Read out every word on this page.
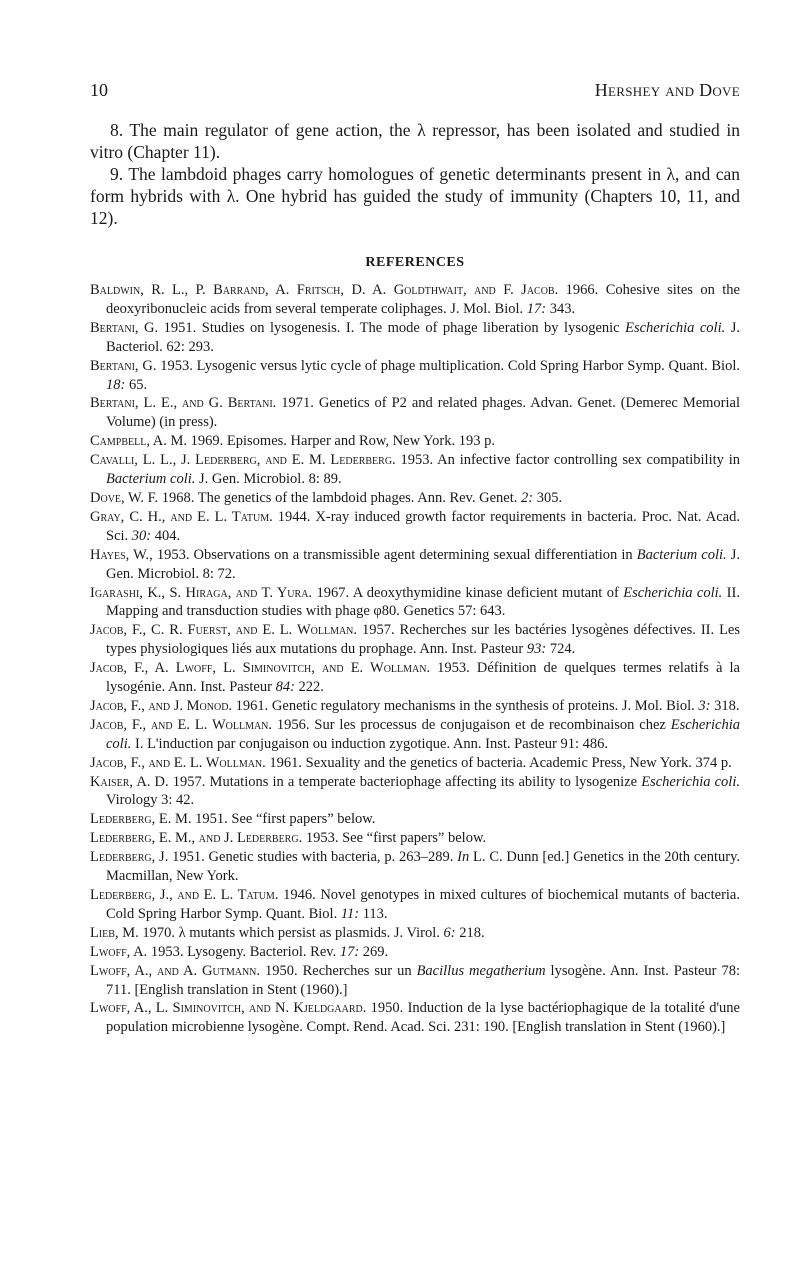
10	Hershey and Dove

8. The main regulator of gene action, the λ repressor, has been isolated and studied in vitro (Chapter 11).

9. The lambdoid phages carry homologues of genetic determinants present in λ, and can form hybrids with λ. One hybrid has guided the study of immunity (Chapters 10, 11, and 12).

REFERENCES

Baldwin, R. L., P. Barrand, A. Fritsch, D. A. Goldthwait, and F. Jacob. 1966. Cohesive sites on the deoxyribonucleic acids from several temperate coliphages. J. Mol. Biol. 17: 343.

Bertani, G. 1951. Studies on lysogenesis. I. The mode of phage liberation by lysogenic Escherichia coli. J. Bacteriol. 62: 293.

Bertani, G. 1953. Lysogenic versus lytic cycle of phage multiplication. Cold Spring Harbor Symp. Quant. Biol. 18: 65.

Bertani, L. E., and G. Bertani. 1971. Genetics of P2 and related phages. Advan. Genet. (Demerec Memorial Volume) (in press).

Campbell, A. M. 1969. Episomes. Harper and Row, New York. 193 p.

Cavalli, L. L., J. Lederberg, and E. M. Lederberg. 1953. An infective factor controlling sex compatibility in Bacterium coli. J. Gen. Microbiol. 8: 89.

Dove, W. F. 1968. The genetics of the lambdoid phages. Ann. Rev. Genet. 2: 305.

Gray, C. H., and E. L. Tatum. 1944. X-ray induced growth factor requirements in bacteria. Proc. Nat. Acad. Sci. 30: 404.

Hayes, W., 1953. Observations on a transmissible agent determining sexual differentiation in Bacterium coli. J. Gen. Microbiol. 8: 72.

Igarashi, K., S. Hiraga, and T. Yura. 1967. A deoxythymidine kinase deficient mutant of Escherichia coli. II. Mapping and transduction studies with phage φ80. Genetics 57: 643.

Jacob, F., C. R. Fuerst, and E. L. Wollman. 1957. Recherches sur les bactéries lysogènes défectives. II. Les types physiologiques liés aux mutations du prophage. Ann. Inst. Pasteur 93: 724.

Jacob, F., A. Lwoff, L. Siminovitch, and E. Wollman. 1953. Définition de quelques termes relatifs à la lysogénie. Ann. Inst. Pasteur 84: 222.

Jacob, F., and J. Monod. 1961. Genetic regulatory mechanisms in the synthesis of proteins. J. Mol. Biol. 3: 318.

Jacob, F., and E. L. Wollman. 1956. Sur les processus de conjugaison et de recombinaison chez Escherichia coli. I. L'induction par conjugaison ou induction zygotique. Ann. Inst. Pasteur 91: 486.

Jacob, F., and E. L. Wollman. 1961. Sexuality and the genetics of bacteria. Academic Press, New York. 374 p.

Kaiser, A. D. 1957. Mutations in a temperate bacteriophage affecting its ability to lysogenize Escherichia coli. Virology 3: 42.

Lederberg, E. M. 1951. See “first papers” below.

Lederberg, E. M., and J. Lederberg. 1953. See “first papers” below.

Lederberg, J. 1951. Genetic studies with bacteria, p. 263–289. In L. C. Dunn [ed.] Genetics in the 20th century. Macmillan, New York.

Lederberg, J., and E. L. Tatum. 1946. Novel genotypes in mixed cultures of biochemical mutants of bacteria. Cold Spring Harbor Symp. Quant. Biol. 11: 113.

Lieb, M. 1970. λ mutants which persist as plasmids. J. Virol. 6: 218.

Lwoff, A. 1953. Lysogeny. Bacteriol. Rev. 17: 269.

Lwoff, A., and A. Gutmann. 1950. Recherches sur un Bacillus megatherium lysogène. Ann. Inst. Pasteur 78: 711. [English translation in Stent (1960).]

Lwoff, A., L. Siminovitch, and N. Kjeldgaard. 1950. Induction de la lyse bactériophagique de la totalité d'une population microbienne lysogène. Compt. Rend. Acad. Sci. 231: 190. [English translation in Stent (1960).]
